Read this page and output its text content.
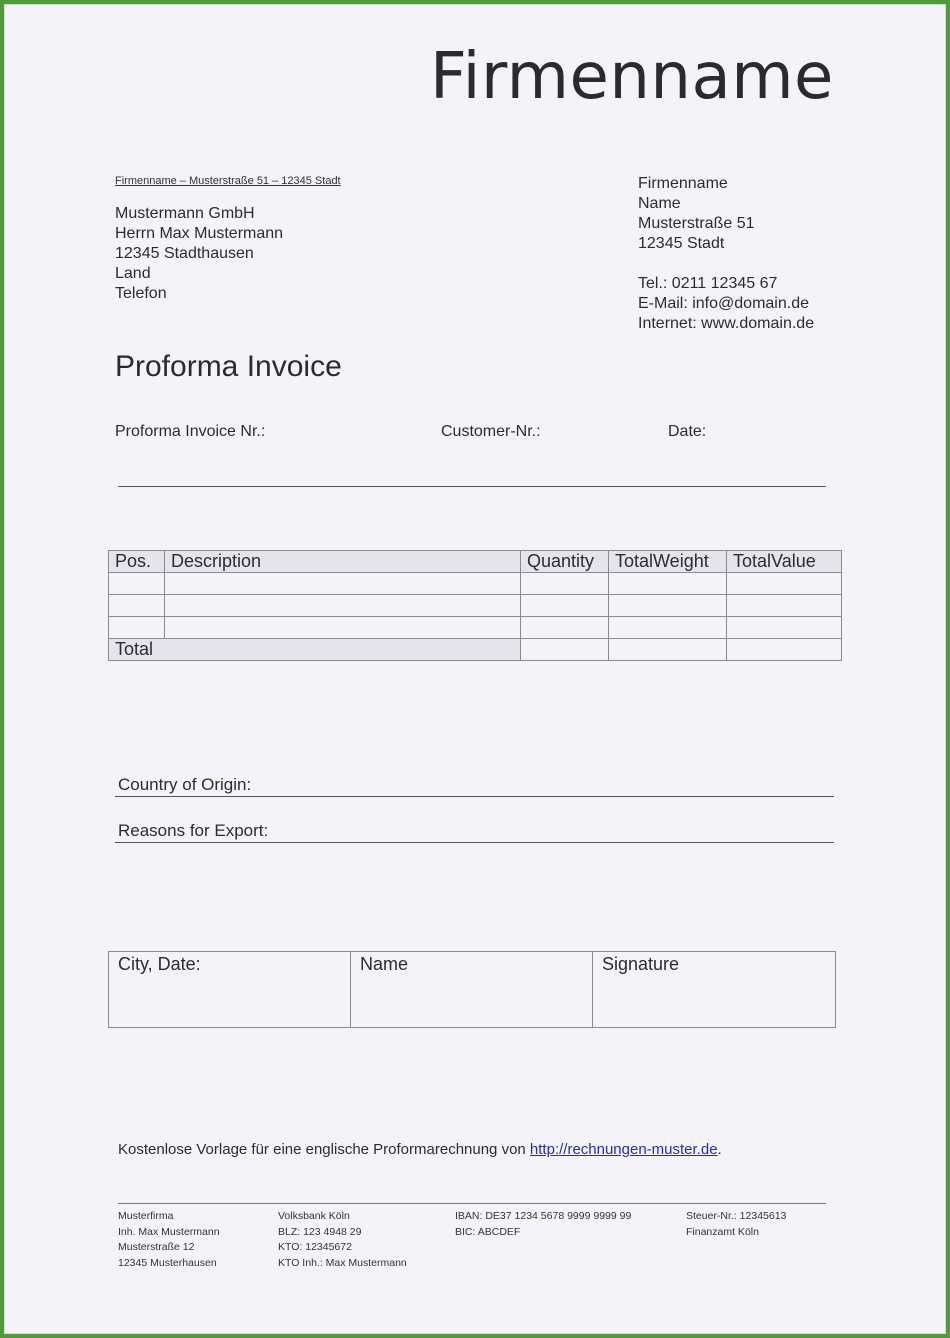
Firmenname
Firmenname – Musterstraße 51 – 12345 Stadt
Mustermann GmbH
Herrn Max Mustermann
12345 Stadthausen
Land
Telefon
Firmenname
Name
Musterstraße 51
12345 Stadt
Tel.: 0211 12345 67
E-Mail: info@domain.de
Internet: www.domain.de
Proforma Invoice
Proforma Invoice Nr.:	Customer-Nr.:	Date:
Pos.	Description	Quantity	TotalWeight	TotalValue

Total				
Country of Origin:
Reasons for Export:
City, Date:	Name	Signature
Kostenlose Vorlage für eine englische Proformarechnung von http://rechnungen-muster.de.
Musterfirma
Inh. Max Mustermann
Musterstraße 12
12345 Musterhausen
Volksbank Köln
BLZ: 123 4948 29
KTO: 12345672
KTO Inh.: Max Mustermann
IBAN: DE37 1234 5678 9999 9999 99
BIC: ABCDEF
Steuer-Nr.: 12345613
Finanzamt Köln
